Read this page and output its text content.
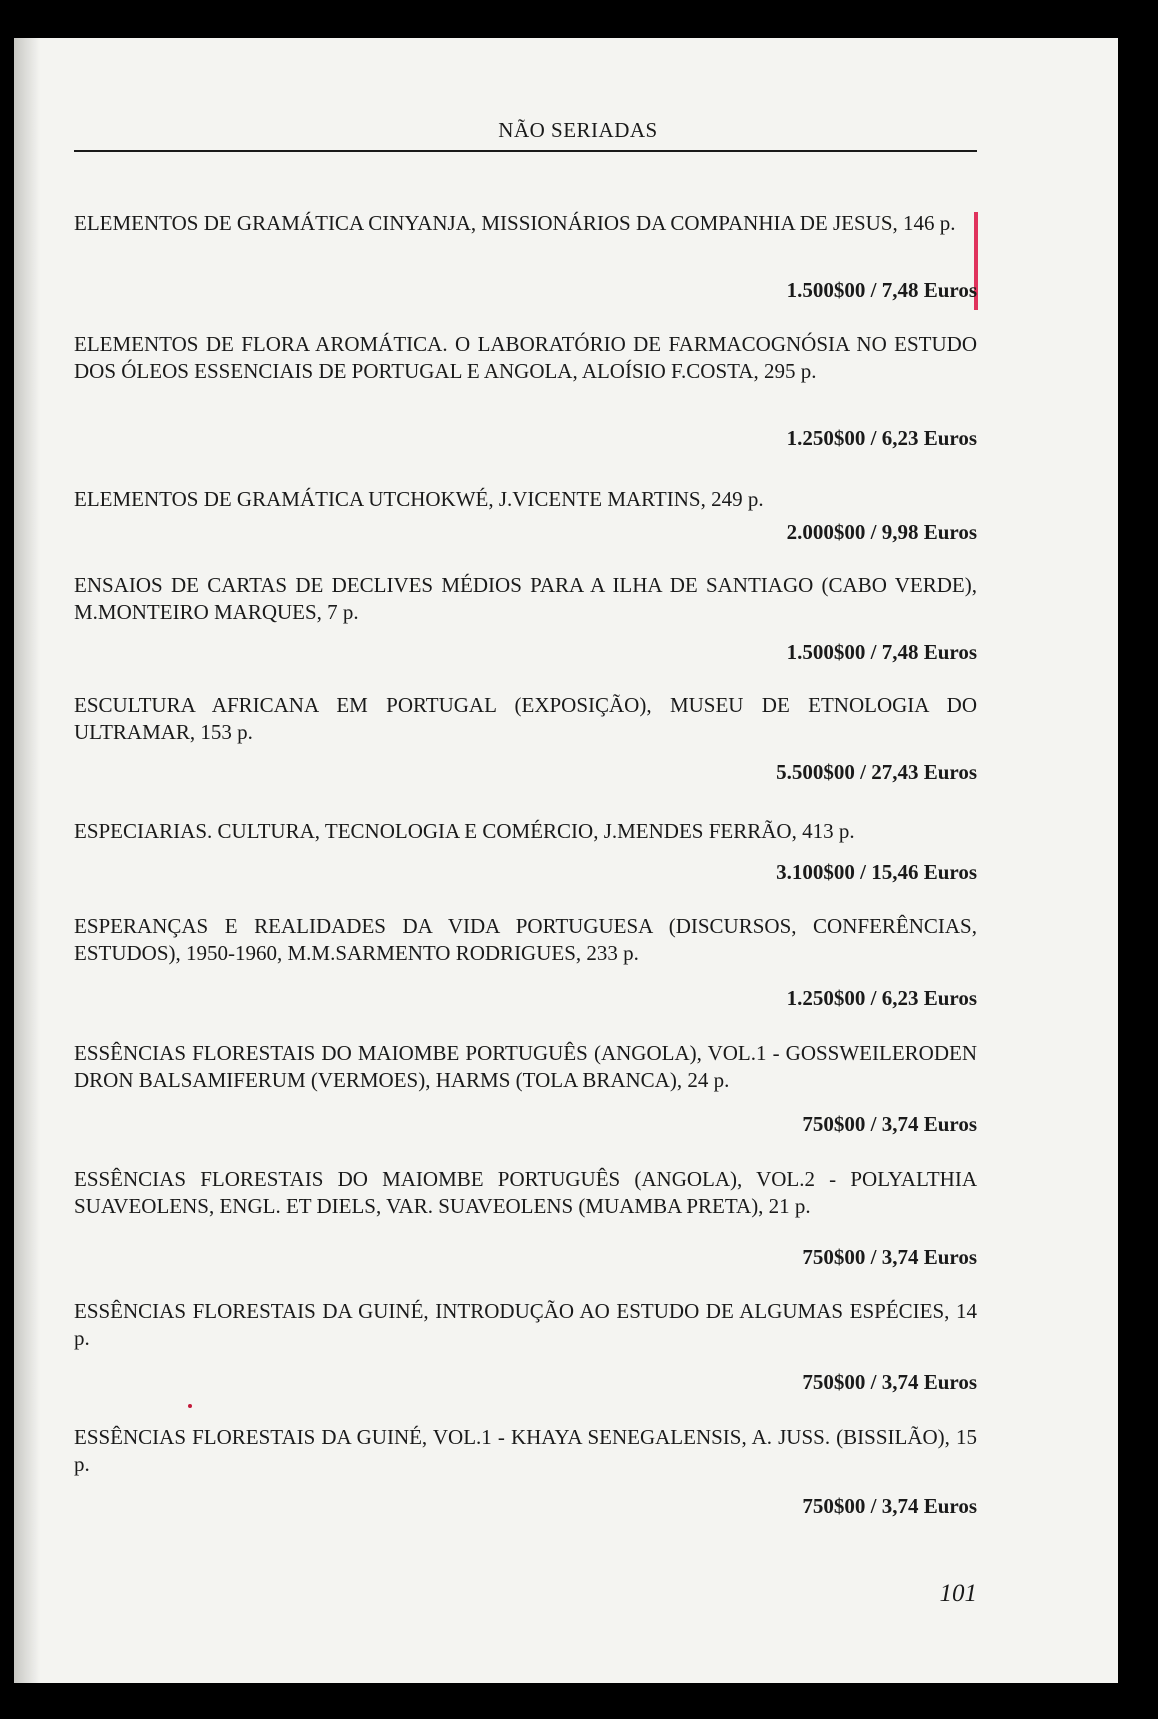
NÃO SERIADAS

ELEMENTOS DE GRAMÁTICA CINYANJA, MISSIONÁRIOS DA COMPANHIA DE JESUS, 146 p.

1.500$00 / 7,48 Euros

ELEMENTOS DE FLORA AROMÁTICA. O LABORATÓRIO DE FARMACOGNÓSIA NO ESTUDO DOS ÓLEOS ESSENCIAIS DE PORTUGAL E ANGOLA, ALOÍSIO F.COSTA, 295 p.

1.250$00 / 6,23 Euros

ELEMENTOS DE GRAMÁTICA UTCHOKWÉ, J.VICENTE MARTINS, 249 p.

2.000$00 / 9,98 Euros

ENSAIOS DE CARTAS DE DECLIVES MÉDIOS PARA A ILHA DE SANTIAGO (CABO VERDE), M.MONTEIRO MARQUES, 7 p.

1.500$00 / 7,48 Euros

ESCULTURA AFRICANA EM PORTUGAL (EXPOSIÇÃO), MUSEU DE ETNOLOGIA DO ULTRAMAR, 153 p.

5.500$00 / 27,43 Euros

ESPECIARIAS. CULTURA, TECNOLOGIA E COMÉRCIO, J.MENDES FERRÃO, 413 p.

3.100$00 / 15,46 Euros

ESPERANÇAS E REALIDADES DA VIDA PORTUGUESA (DISCURSOS, CONFERÊNCIAS, ESTUDOS), 1950-1960, M.M.SARMENTO RODRIGUES, 233 p.

1.250$00 / 6,23 Euros

ESSÊNCIAS FLORESTAIS DO MAIOMBE PORTUGUÊS (ANGOLA), VOL.1 - GOSSWEILERODENDRON BALSAMIFERUM (VERMOES), HARMS (TOLA BRANCA), 24 p.

750$00 / 3,74 Euros

ESSÊNCIAS FLORESTAIS DO MAIOMBE PORTUGUÊS (ANGOLA), VOL.2 - POLYALTHIA SUAVEOLENS, ENGL. ET DIELS, VAR. SUAVEOLENS (MUAMBA PRETA), 21 p.

750$00 / 3,74 Euros

ESSÊNCIAS FLORESTAIS DA GUINÉ, INTRODUÇÃO AO ESTUDO DE ALGUMAS ESPÉCIES, 14 p.

750$00 / 3,74 Euros

ESSÊNCIAS FLORESTAIS DA GUINÉ, VOL.1 - KHAYA SENEGALENSIS, A. JUSS. (BISSILÃO), 15 p.

750$00 / 3,74 Euros

101
